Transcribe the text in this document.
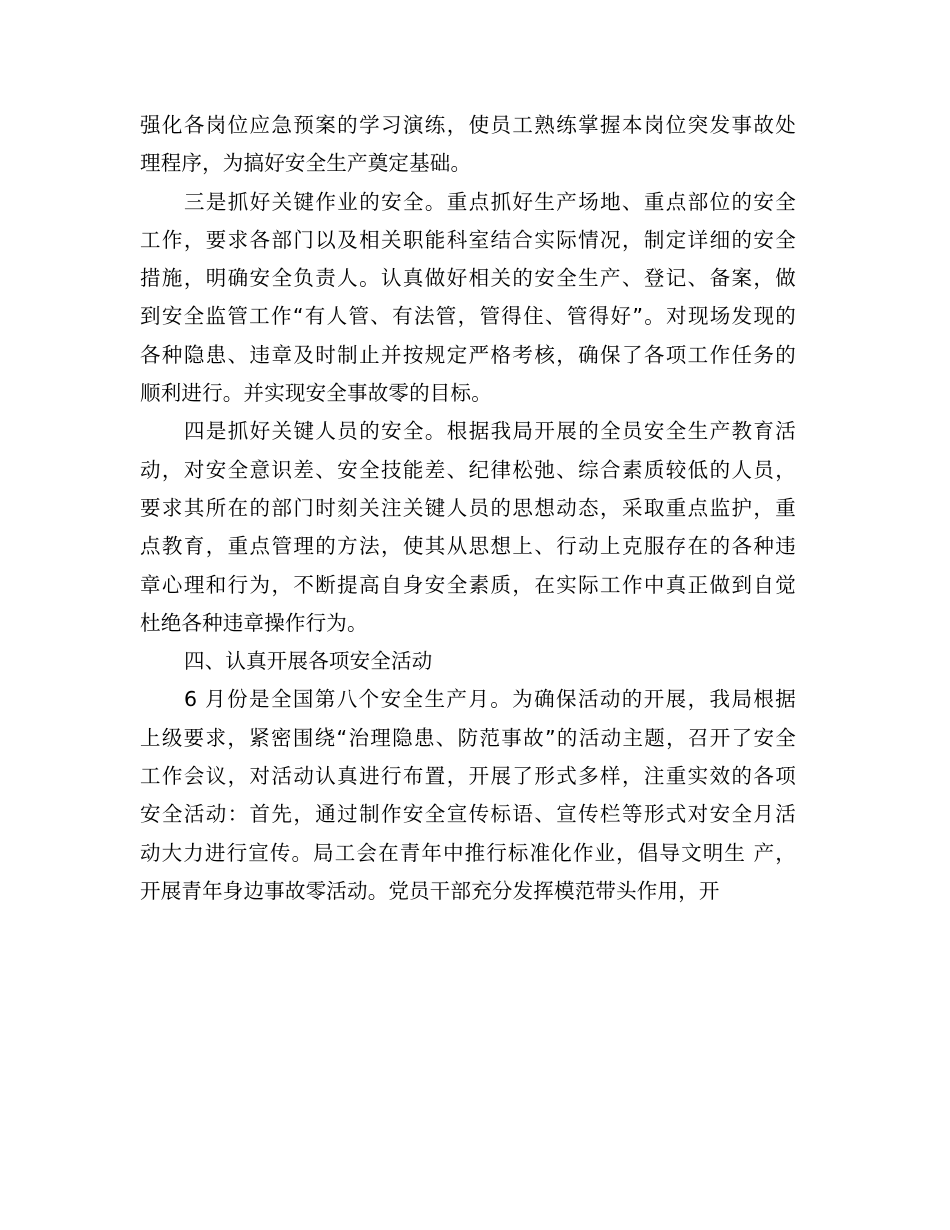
强化各岗位应急预案的学习演练，使员工熟练掌握本岗位突发事故处
理程序，为搞好安全生产奠定基础。
三是抓好关键作业的安全。重点抓好生产场地、重点部位的安全
工作，要求各部门以及相关职能科室结合实际情况，制定详细的安全
措施，明确安全负责人。认真做好相关的安全生产、登记、备案，做
到安全监管工作“有人管、有法管，管得住、管得好”。对现场发现的
各种隐患、违章及时制止并按规定严格考核，确保了各项工作任务的
顺利进行。并实现安全事故零的目标。
四是抓好关键人员的安全。根据我局开展的全员安全生产教育活
动，对安全意识差、安全技能差、纪律松弛、综合素质较低的人员，
要求其所在的部门时刻关注关键人员的思想动态，采取重点监护，重
点教育，重点管理的方法，使其从思想上、行动上克服存在的各种违
章心理和行为，不断提高自身安全素质，在实际工作中真正做到自觉
杜绝各种违章操作行为。
四、认真开展各项安全活动
6 月份是全国第八个安全生产月。为确保活动的开展，我局根据
上级要求，紧密围绕“治理隐患、防范事故”的活动主题，召开了安全
工作会议，对活动认真进行布置，开展了形式多样，注重实效的各项
安全活动：首先，通过制作安全宣传标语、宣传栏等形式对安全月活
动大力进行宣传。局工会在青年中推行标准化作业，倡导文明生 产，
开展青年身边事故零活动。党员干部充分发挥模范带头作用，开
